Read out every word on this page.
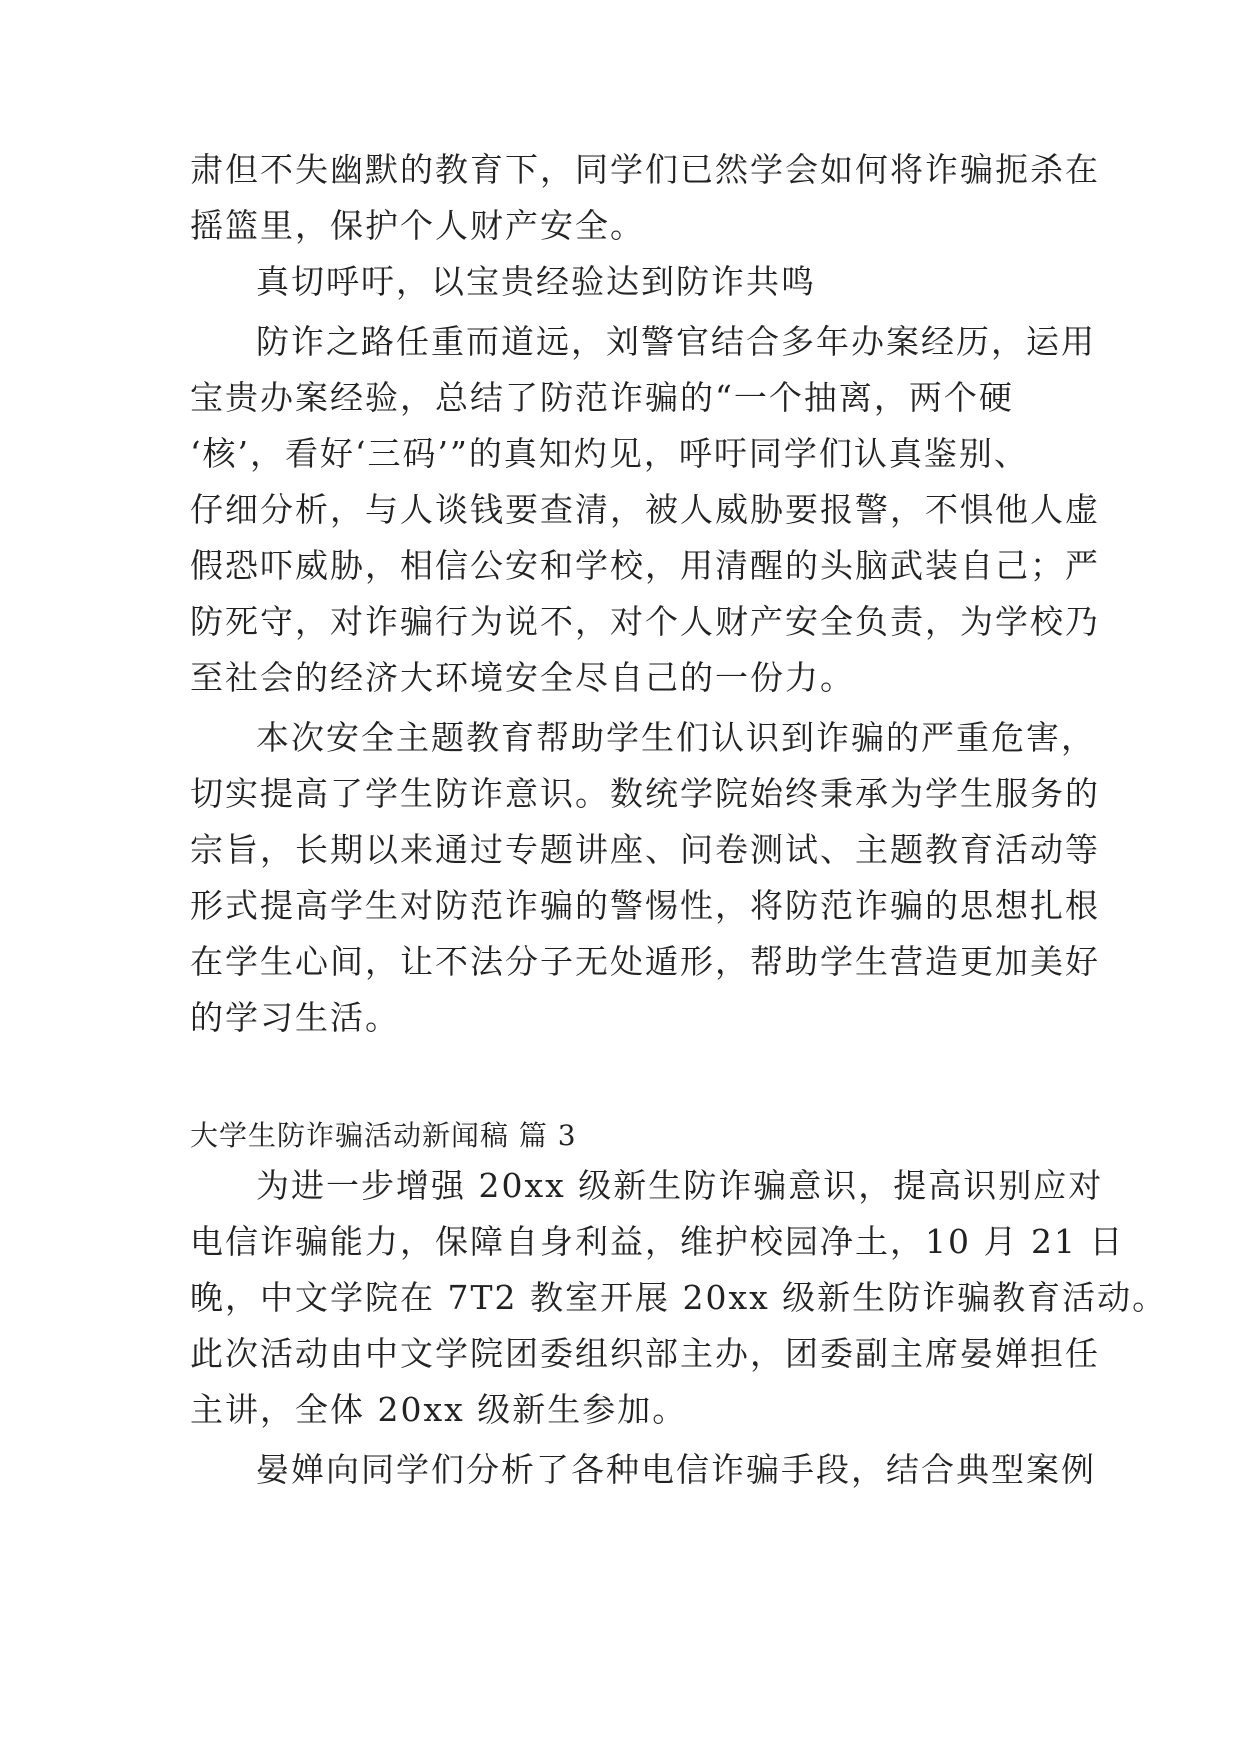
肃但不失幽默的教育下，同学们已然学会如何将诈骗扼杀在
摇篮里，保护个人财产安全。
真切呼吁，以宝贵经验达到防诈共鸣
防诈之路任重而道远，刘警官结合多年办案经历，运用
宝贵办案经验，总结了防范诈骗的“一个抽离，两个硬
‘核’，看好‘三码’”的真知灼见，呼吁同学们认真鉴别、
仔细分析，与人谈钱要查清，被人威胁要报警，不惧他人虚
假恐吓威胁，相信公安和学校，用清醒的头脑武装自己；严
防死守，对诈骗行为说不，对个人财产安全负责，为学校乃
至社会的经济大环境安全尽自己的一份力。
本次安全主题教育帮助学生们认识到诈骗的严重危害，
切实提高了学生防诈意识。数统学院始终秉承为学生服务的
宗旨，长期以来通过专题讲座、问卷测试、主题教育活动等
形式提高学生对防范诈骗的警惕性，将防范诈骗的思想扎根
在学生心间，让不法分子无处遁形，帮助学生营造更加美好
的学习生活。
大学生防诈骗活动新闻稿 篇 3
为进一步增强 20xx 级新生防诈骗意识，提高识别应对
电信诈骗能力，保障自身利益，维护校园净土，10 月 21 日
晚，中文学院在 7T2 教室开展 20xx 级新生防诈骗教育活动。
此次活动由中文学院团委组织部主办，团委副主席晏婵担任
主讲，全体 20xx 级新生参加。
晏婵向同学们分析了各种电信诈骗手段，结合典型案例
